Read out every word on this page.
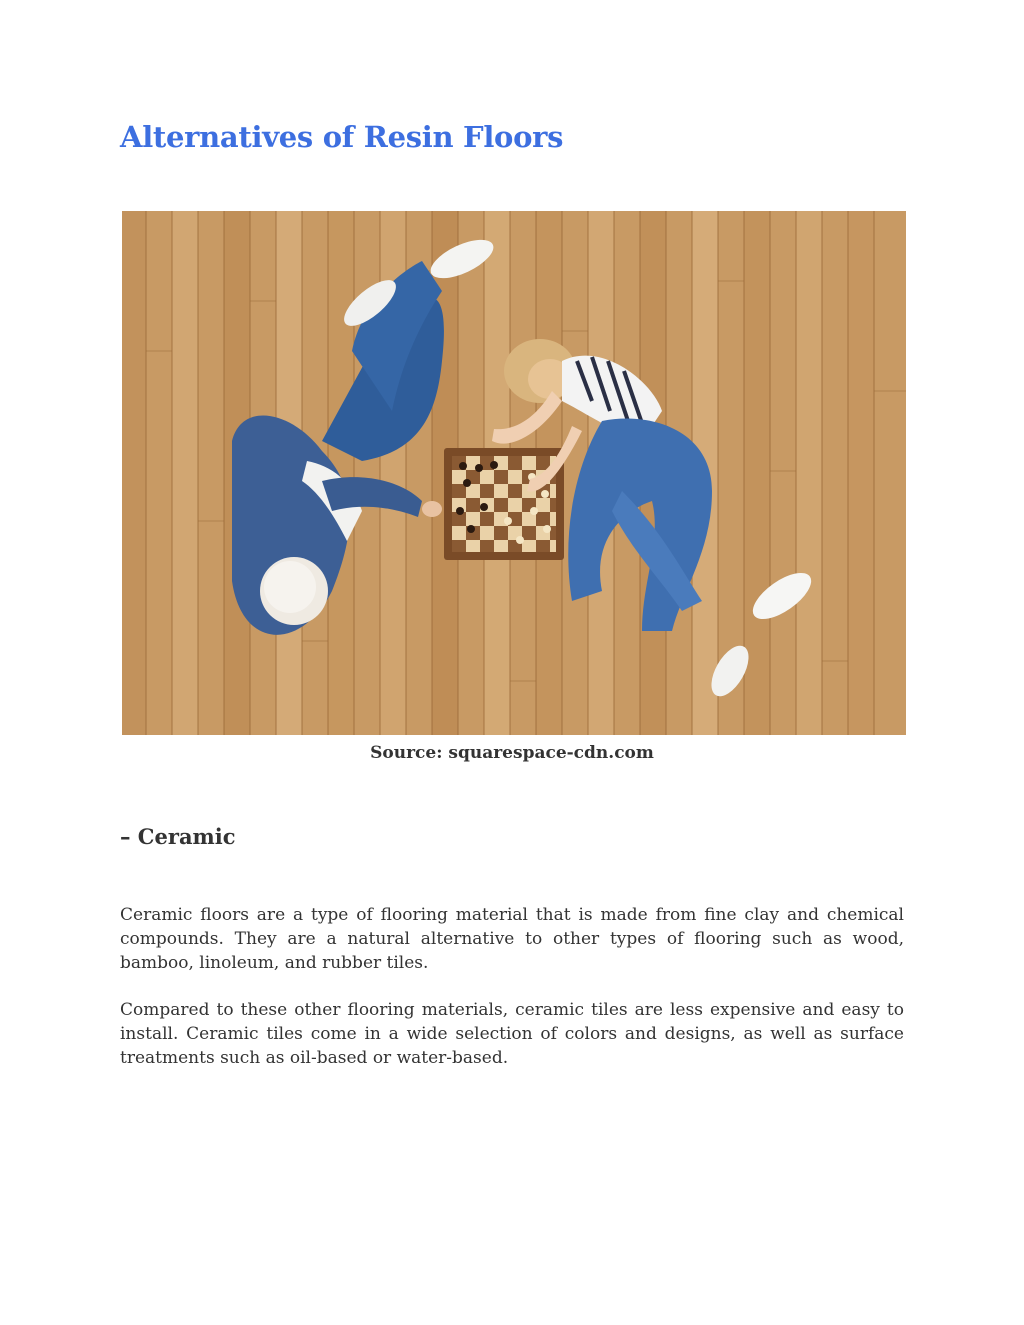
Alternatives of Resin Floors
Source: squarespace-cdn.com
– Ceramic

Ceramic floors are a type of flooring material that is made from fine clay and chemical compounds. They are a natural alternative to other types of flooring such as wood, bamboo, linoleum, and rubber tiles.

Compared to these other flooring materials, ceramic tiles are less expensive and easy to install. Ceramic tiles come in a wide selection of colors and designs, as well as surface treatments such as oil-based or water-based.
